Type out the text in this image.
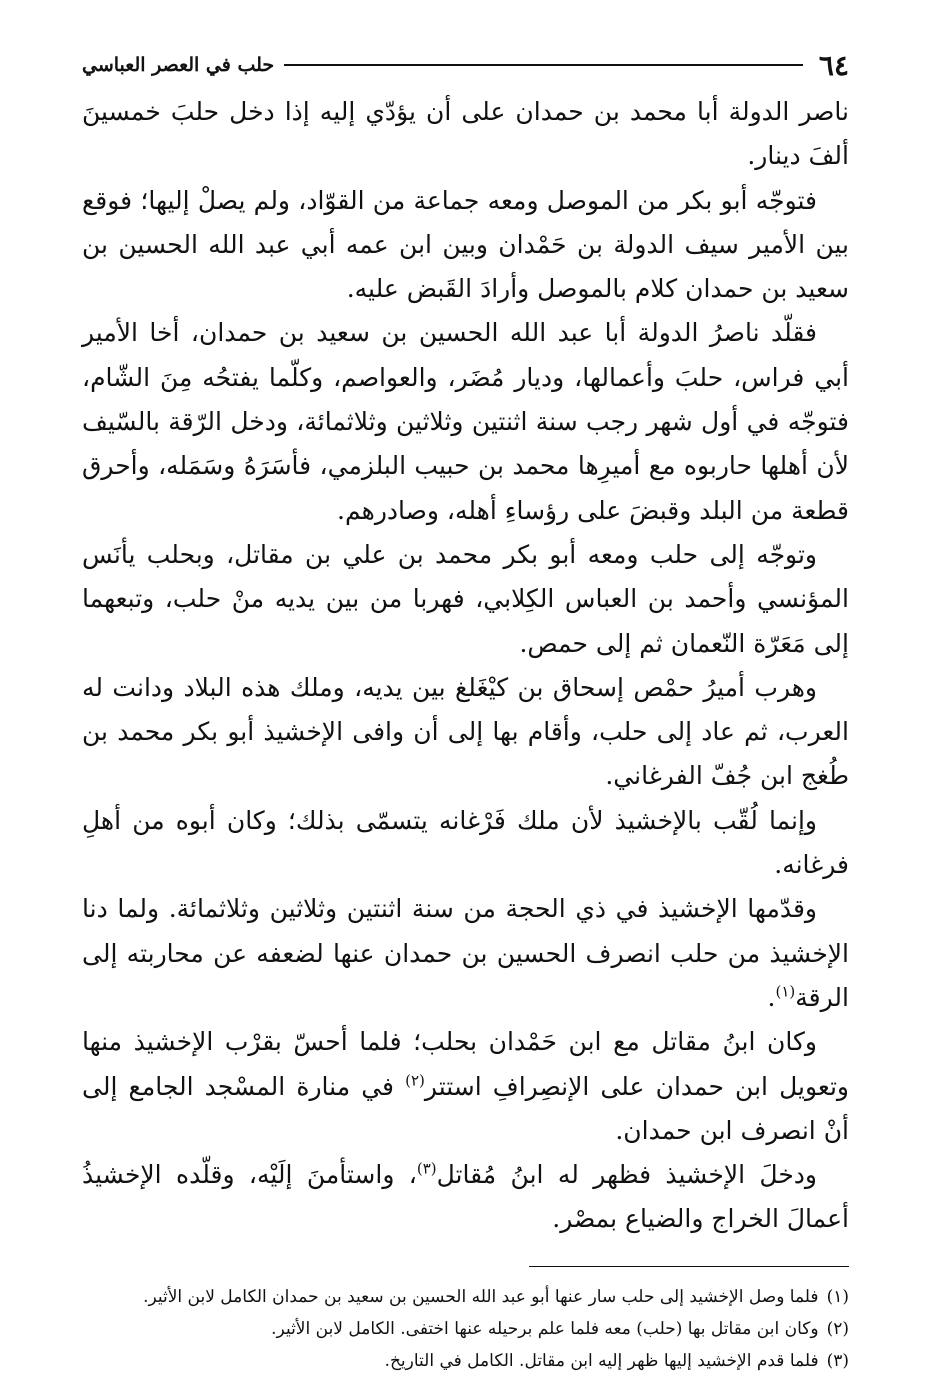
٦٤
حلب في العصر العباسي

ناصر الدولة أبا محمد بن حمدان على أن يؤدّي إليه إذا دخل حلبَ خمسينَ ألفَ دينار.

فتوجّه أبو بكر من الموصل ومعه جماعة من القوّاد، ولم يصلْ إليها؛ فوقع بين الأمير سيف الدولة بن حَمْدان وبين ابن عمه أبي عبد الله الحسين بن سعيد بن حمدان كلام بالموصل وأرادَ القَبض عليه.

فقلّد ناصرُ الدولة أبا عبد الله الحسين بن سعيد بن حمدان، أخا الأمير أبي فراس، حلبَ وأعمالها، وديار مُضَر، والعواصم، وكلّما يفتحُه مِنَ الشّام، فتوجّه في أول شهر رجب سنة اثنتين وثلاثين وثلاثمائة، ودخل الرّقة بالسّيف لأن أهلها حاربوه مع أميرِها محمد بن حبيب البلزمي، فأسَرَهُ وسَمَله، وأحرق قطعة من البلد وقبضَ على رؤساءِ أهله، وصادرهم.

وتوجّه إلى حلب ومعه أبو بكر محمد بن علي بن مقاتل، وبحلب يأنَس المؤنسي وأحمد بن العباس الكِلابي، فهربا من بين يديه منْ حلب، وتبعهما إلى مَعَرّة النّعمان ثم إلى حمص.

وهرب أميرُ حمْص إسحاق بن كيْغَلغ بين يديه، وملك هذه البلاد ودانت له العرب، ثم عاد إلى حلب، وأقام بها إلى أن وافى الإخشيذ أبو بكر محمد بن طُغج ابن جُفّ الفرغاني.

وإنما لُقّب بالإخشيذ لأن ملك فَرْغانه يتسمّى بذلك؛ وكان أبوه من أهلِ فرغانه.

وقدّمها الإخشيذ في ذي الحجة من سنة اثنتين وثلاثين وثلاثمائة. ولما دنا الإخشيذ من حلب انصرف الحسين بن حمدان عنها لضعفه عن محاربته إلى الرقة$^{(١)}$.

وكان ابنُ مقاتل مع ابن حَمْدان بحلب؛ فلما أحسّ بقرْب الإخشيذ منها وتعويل ابن حمدان على الإنصِرافِ استتر$^{(٢)}$ في منارة المسْجد الجامع إلى أنْ انصرف ابن حمدان.

ودخلَ الإخشيذ فظهر له ابنُ مُقاتل$^{(٣)}$، واستأمنَ إلَيْه، وقلّده الإخشيذُ أعمالَ الخراج والضياع بمصْر.

(١)فلما وصل الإخشيد إلى حلب سار عنها أبو عبد الله الحسين بن سعيد بن حمدان الكامل لابن الأثير.

(٢)وكان ابن مقاتل بها (حلب) معه فلما علم برحيله عنها اختفى. الكامل لابن الأثير.

(٣)فلما قدم الإخشيد إليها ظهر إليه ابن مقاتل. الكامل في التاريخ.
